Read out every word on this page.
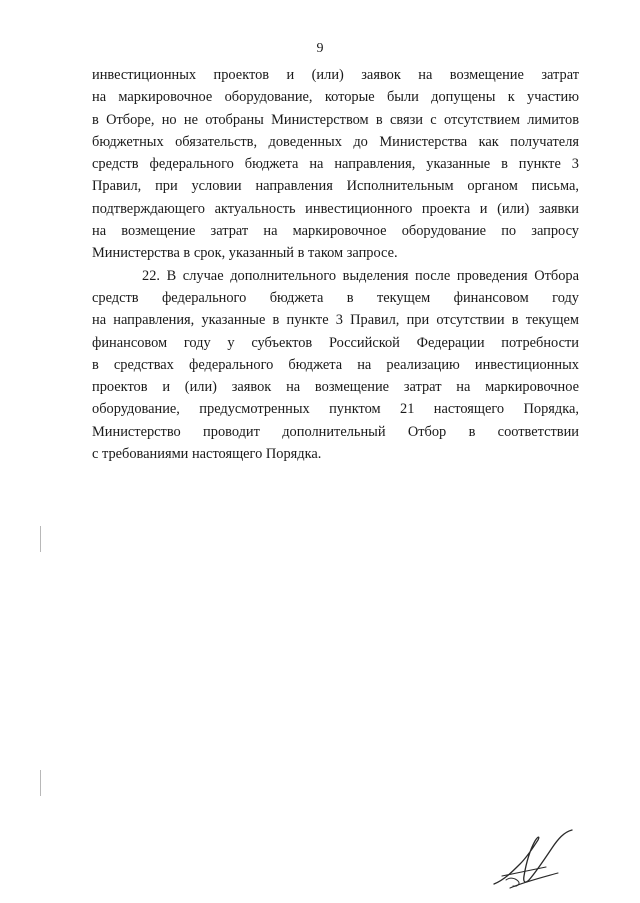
9
инвестиционных проектов и (или) заявок на возмещение затрат
на маркировочное оборудование, которые были допущены к участию
в Отборе, но не отобраны Министерством в связи с отсутствием лимитов
бюджетных обязательств, доведенных до Министерства как получателя
средств федерального бюджета на направления, указанные в пункте 3
Правил, при условии направления Исполнительным органом письма,
подтверждающего актуальность инвестиционного проекта и (или) заявки
на возмещение затрат на маркировочное оборудование по запросу
Министерства в срок, указанный в таком запросе.
22. В случае дополнительного выделения после проведения Отбора
средств федерального бюджета в текущем финансовом году
на направления, указанные в пункте 3 Правил, при отсутствии в текущем
финансовом году у субъектов Российской Федерации потребности
в средствах федерального бюджета на реализацию инвестиционных
проектов и (или) заявок на возмещение затрат на маркировочное
оборудование, предусмотренных пунктом 21 настоящего Порядка,
Министерство проводит дополнительный Отбор в соответствии
с требованиями настоящего Порядка.
